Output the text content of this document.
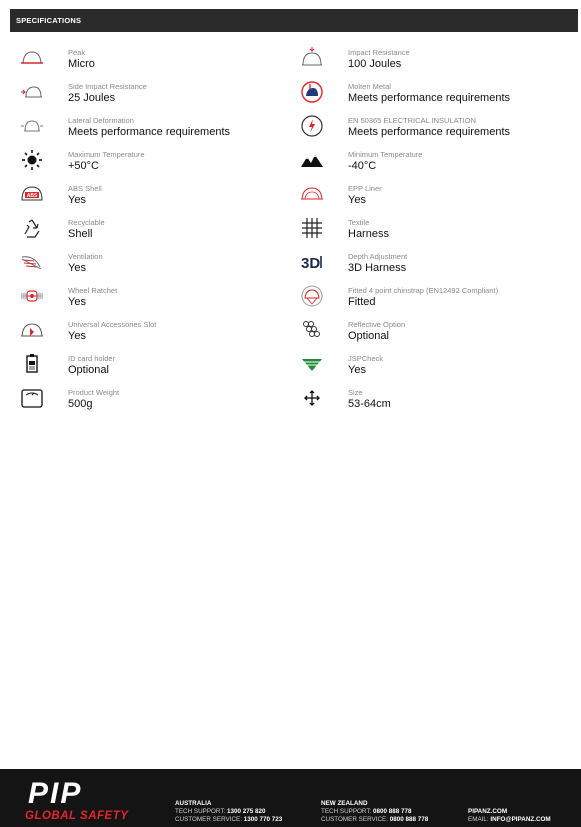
SPECIFICATIONS
Peak
Micro
Side Impact Resistance
25 Joules
Lateral Deformation
Meets performance requirements
Maximum Temperature
+50°C
ABS
ABS Shell
Yes
Recyclable
Shell
Ventilation
Yes
Wheel Ratchet
Yes
Universal Accessories Slot
Yes
ID card holder
Optional
Product Weight
500g
Impact Resistance
100 Joules
Molten Metal
Meets performance requirements
EN 50365 ELECTRICAL INSULATION
Meets performance requirements
Minimum Temperature
-40°C
EPP Liner
Yes
Textile
Harness
3D	Depth Adjustment
3D Harness
Fitted 4 point chinstrap (EN12492 Compliant)
Fitted
Reflective Option
Optional
JSPCheck
Yes
Size
53-64cm
PIP
GLOBAL SAFETY
AUSTRALIA
TECH SUPPORT: 1300 275 820
CUSTOMER SERVICE: 1300 770 723
NEW ZEALAND
TECH SUPPORT: 0800 888 778
CUSTOMER SERVICE: 0800 888 778
PIPANZ.COM
EMAIL: INFO@PIPANZ.COM
